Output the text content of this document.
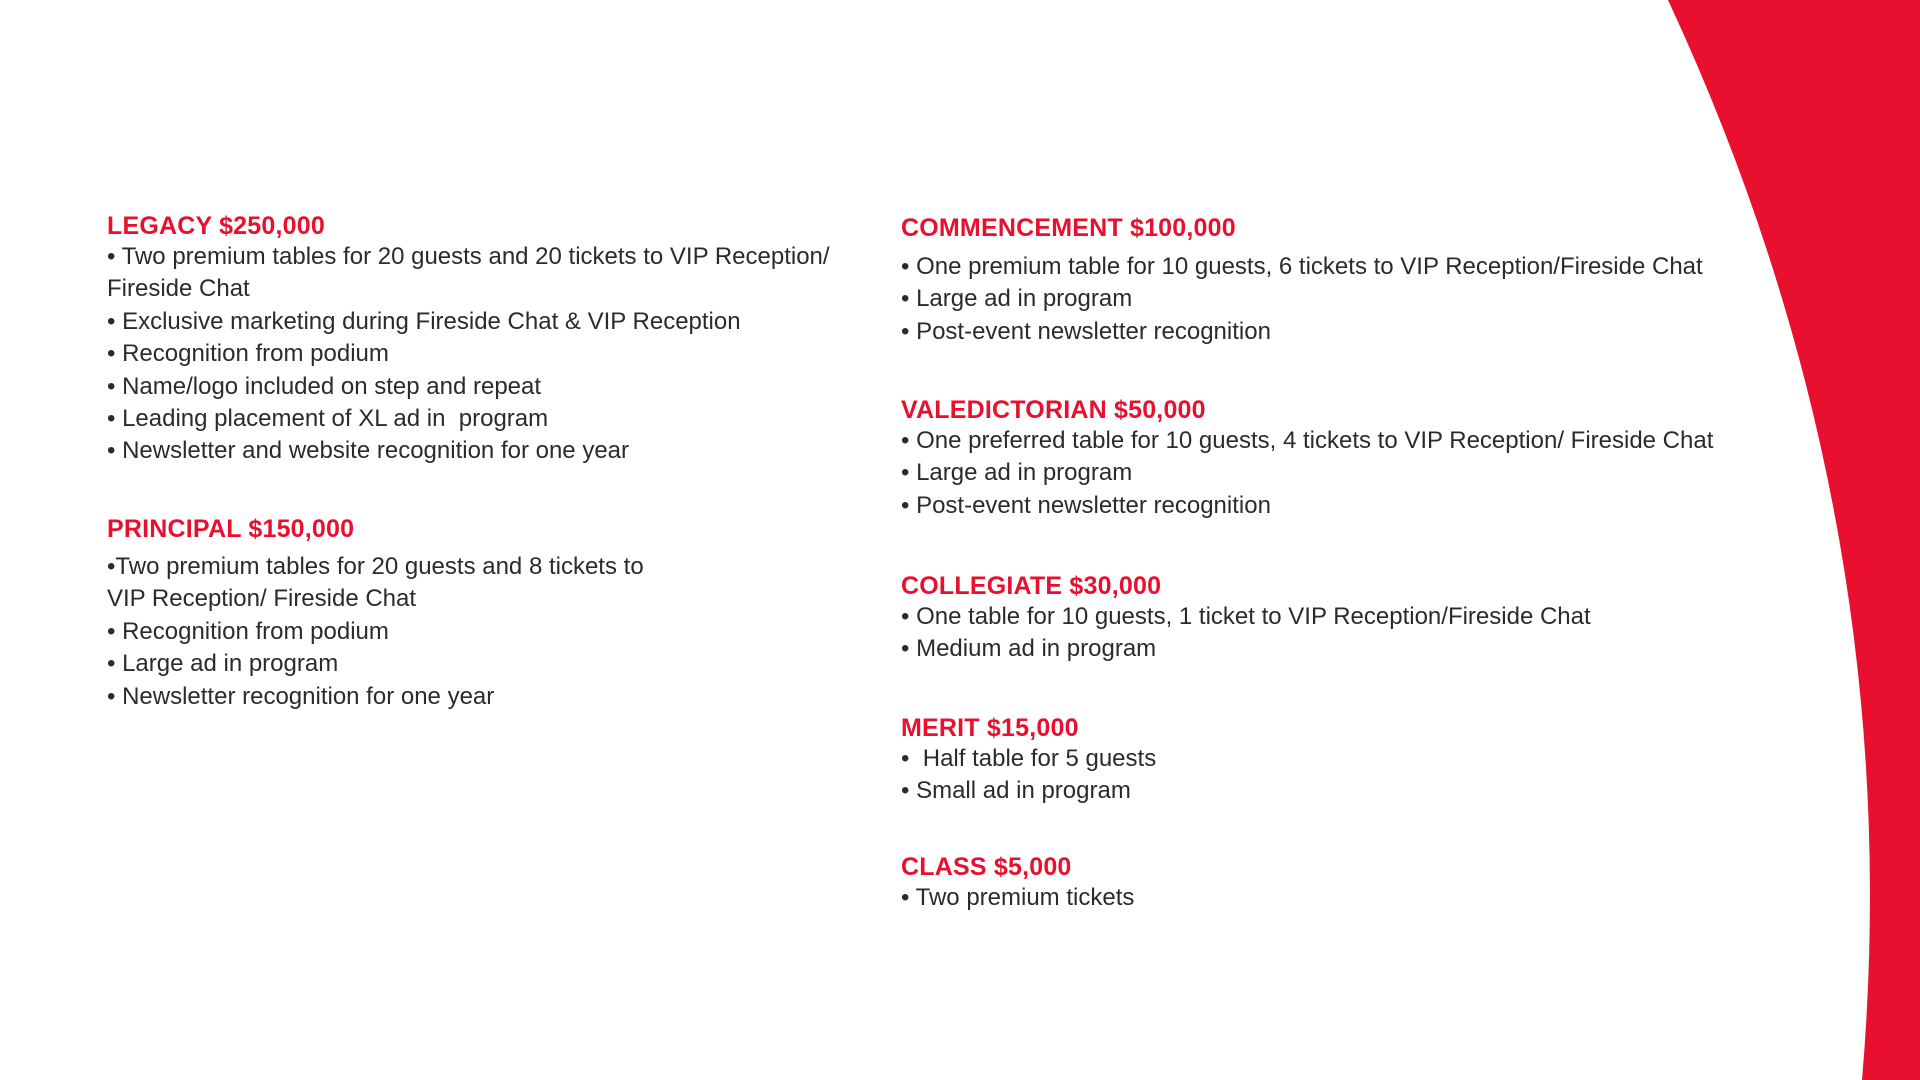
LEGACY $250,000
• Two premium tables for 20 guests and 20 tickets to VIP Reception/ Fireside Chat
• Exclusive marketing during Fireside Chat & VIP Reception
• Recognition from podium
• Name/logo included on step and repeat
• Leading placement of XL ad in  program
• Newsletter and website recognition for one year
PRINCIPAL $150,000
•Two premium tables for 20 guests and 8 tickets to VIP Reception/ Fireside Chat
• Recognition from podium
• Large ad in program
• Newsletter recognition for one year
COMMENCEMENT $100,000
• One premium table for 10 guests, 6 tickets to VIP Reception/Fireside Chat
• Large ad in program
• Post-event newsletter recognition
VALEDICTORIAN $50,000
• One preferred table for 10 guests, 4 tickets to VIP Reception/ Fireside Chat
• Large ad in program
• Post-event newsletter recognition
COLLEGIATE $30,000
• One table for 10 guests, 1 ticket to VIP Reception/Fireside Chat
• Medium ad in program
MERIT $15,000
•  Half table for 5 guests
• Small ad in program
CLASS $5,000
• Two premium tickets
